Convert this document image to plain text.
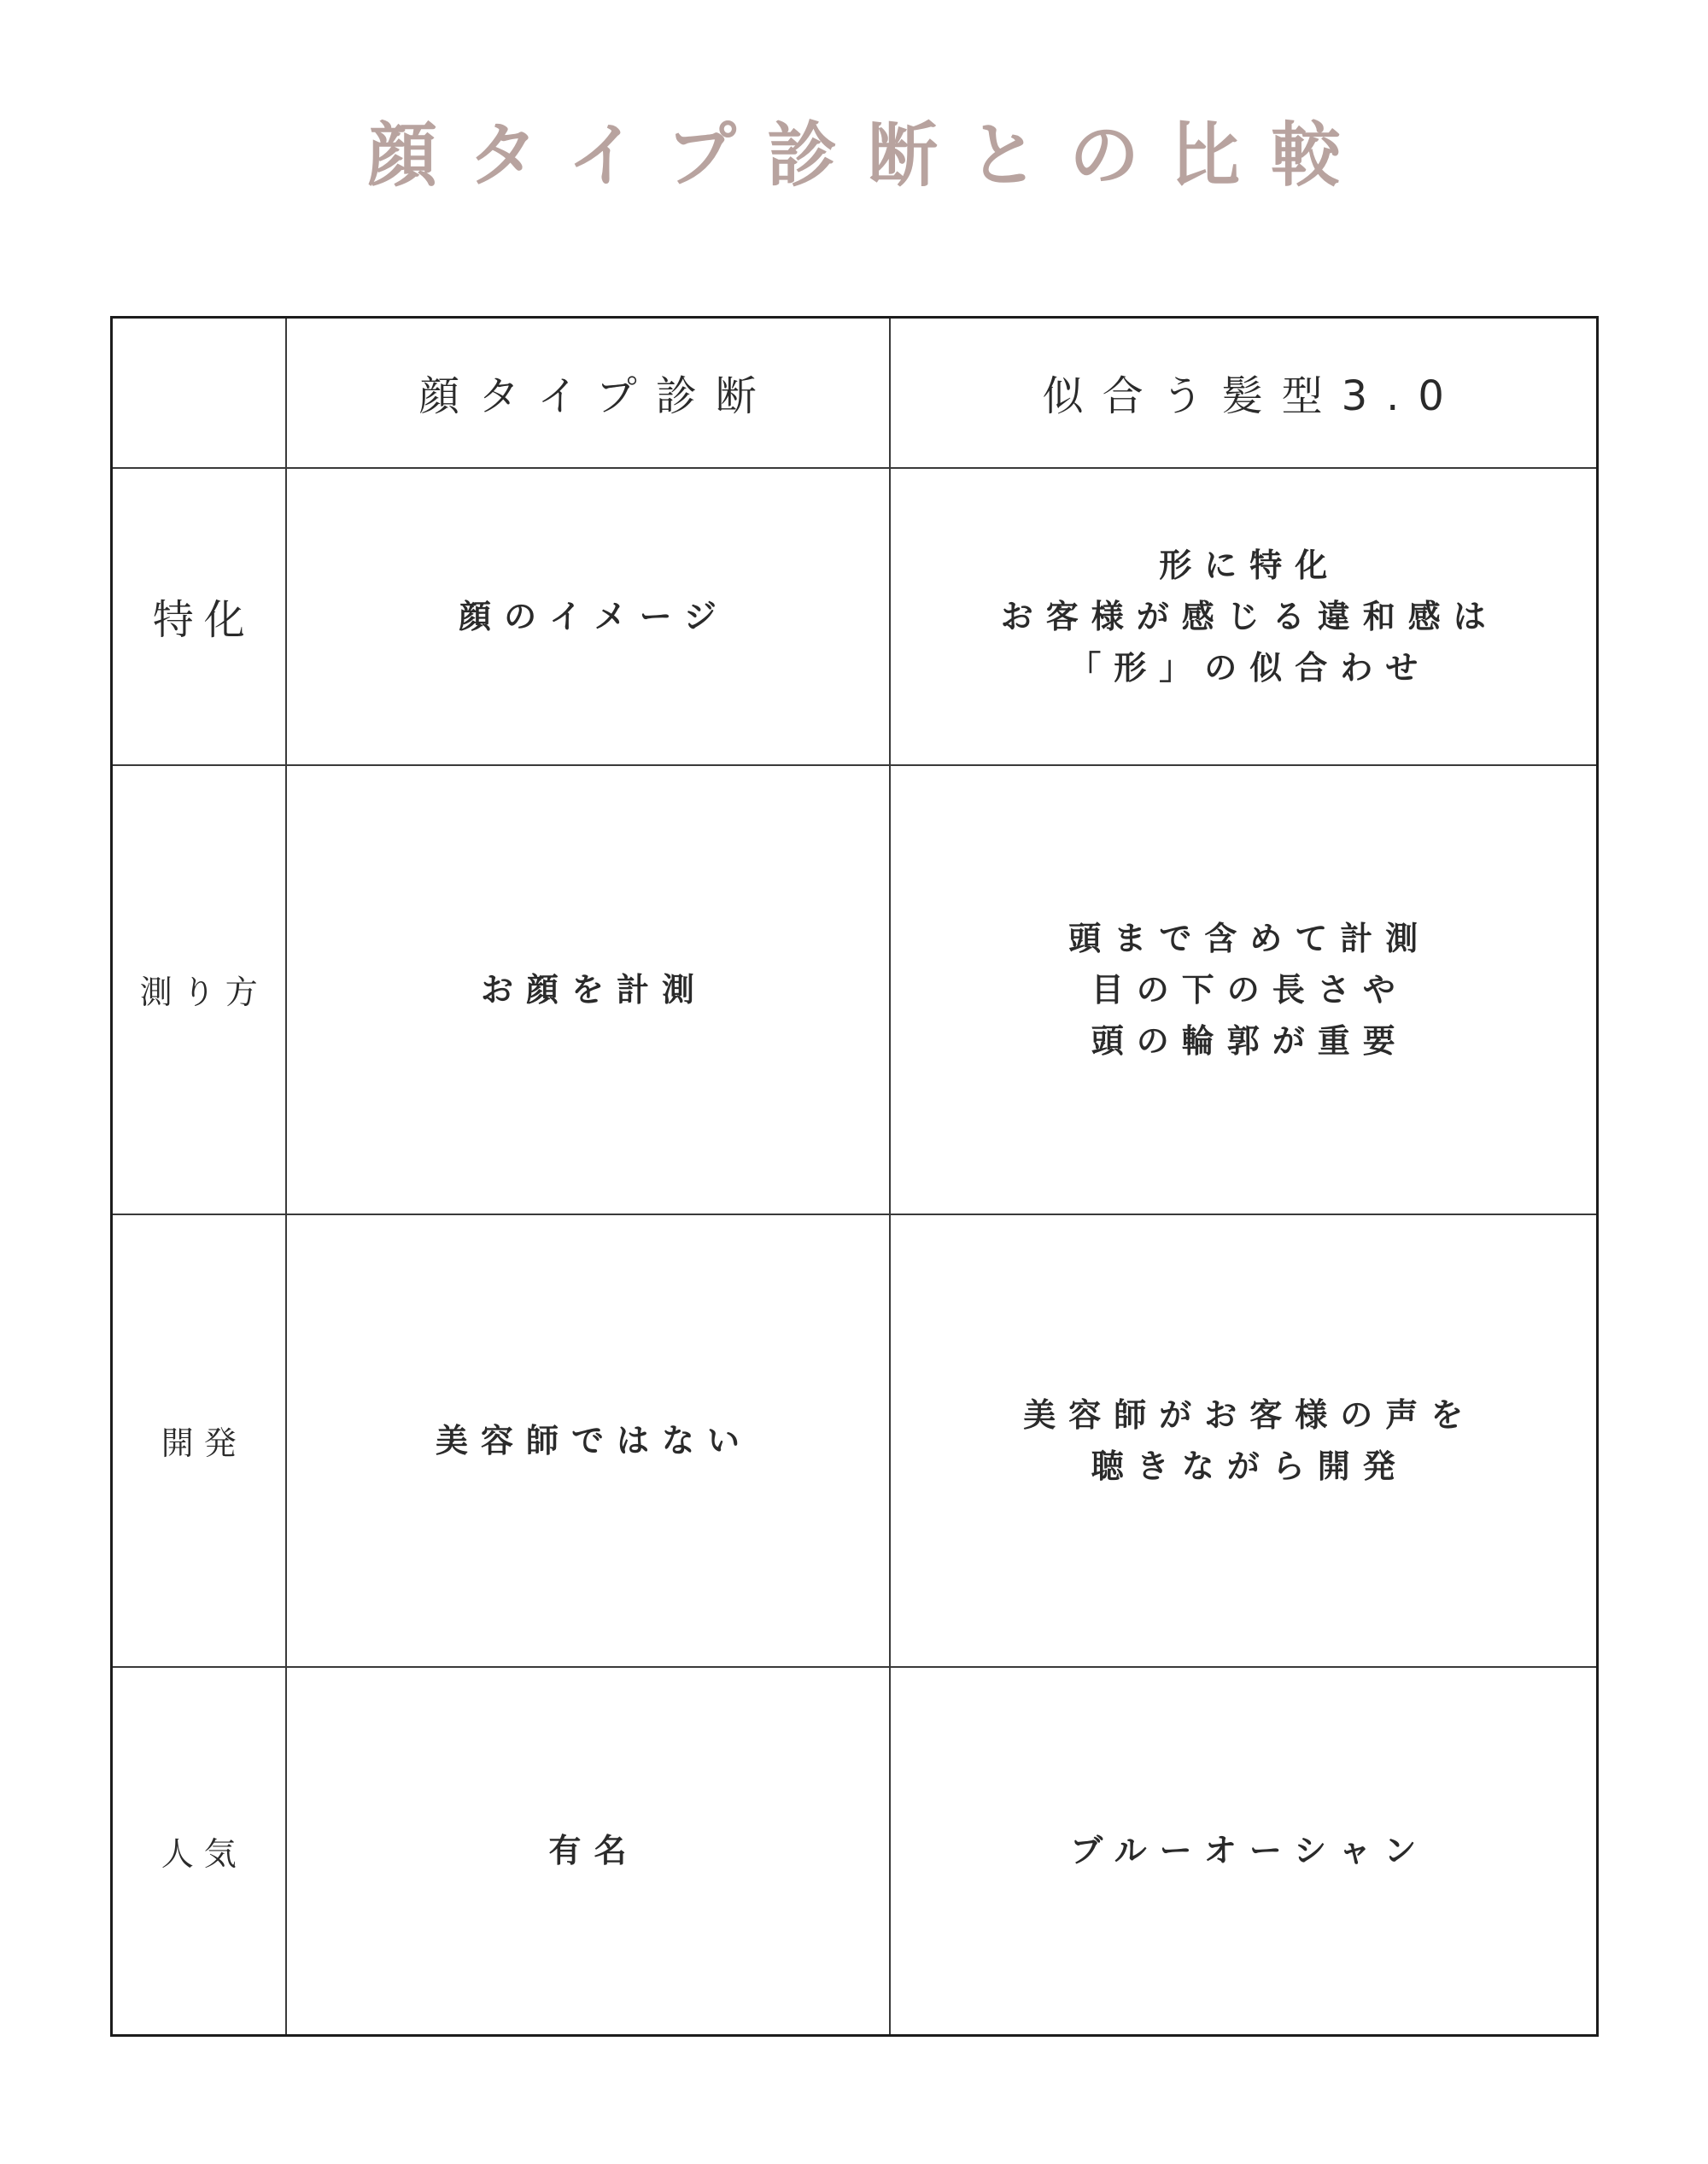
顔タイプ診断との比較
	顔タイプ診断	似合う髪型3.0
特化	顔のイメージ	形に特化
お客様が感じる違和感は
「形」の似合わせ

測り方	お顔を計測	頭まで含めて計測
目の下の長さや
頭の輪郭が重要

開発	美容師ではない	美容師がお客様の声を
聴きながら開発

人気	有名	ブルーオーシャン
